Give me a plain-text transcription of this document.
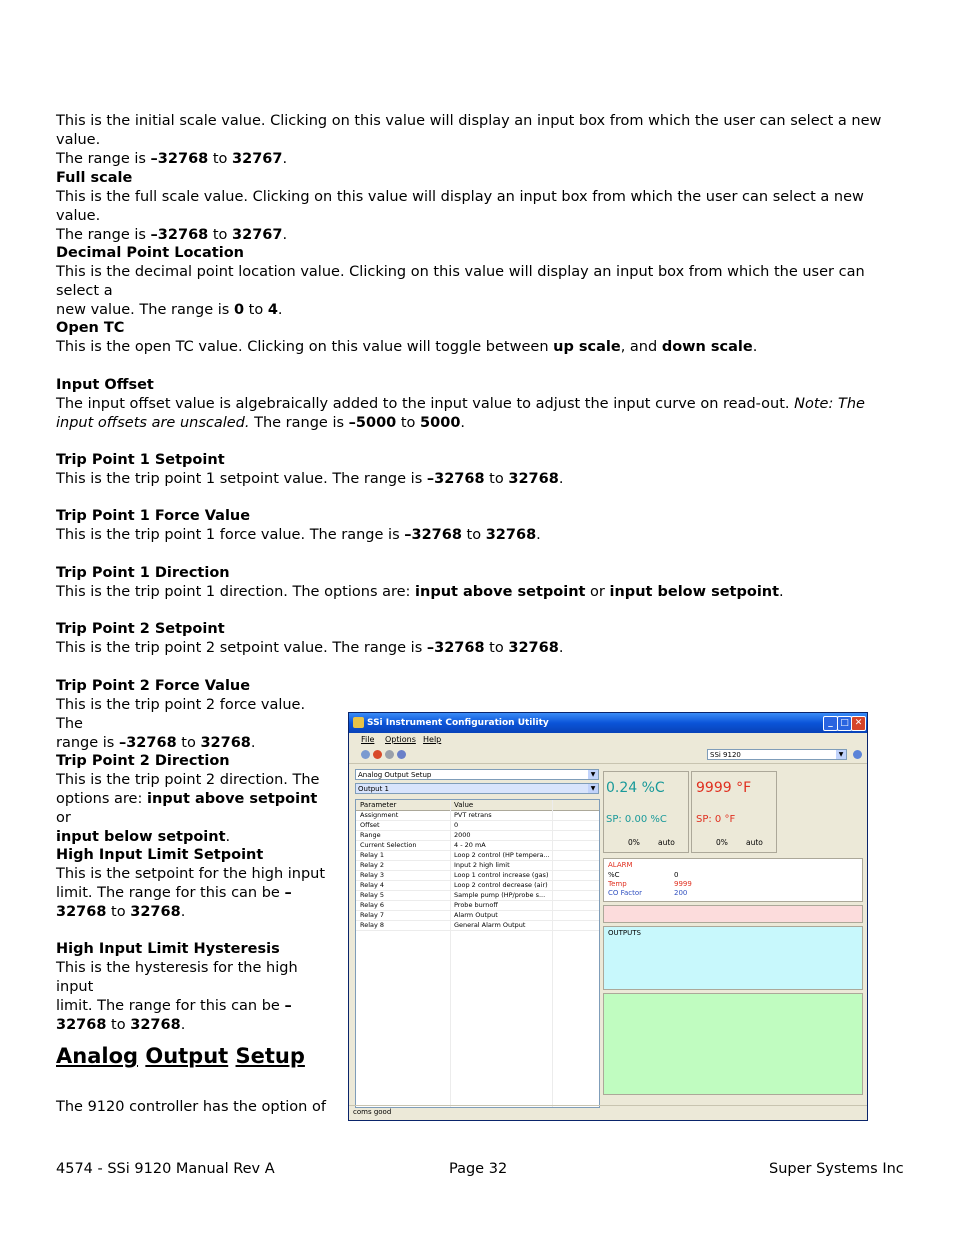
This is the initial scale value. Clicking on this value will display an input box from which the user can select a new value.
The range is –32768 to 32767.

Full scale
This is the full scale value. Clicking on this value will display an input box from which the user can select a new value.
The range is –32768 to 32767.

Decimal Point Location
This is the decimal point location value. Clicking on this value will display an input box from which the user can select a
new value. The range is 0 to 4.

Open TC
This is the open TC value. Clicking on this value will toggle between up scale, and down scale.

Input Offset
The input offset value is algebraically added to the input value to adjust the input curve on read-out. Note: The input offsets are unscaled. The range is –5000 to 5000.

Trip Point 1 Setpoint
This is the trip point 1 setpoint value. The range is –32768 to 32768.

Trip Point 1 Force Value
This is the trip point 1 force value. The range is –32768 to 32768.

Trip Point 1 Direction
This is the trip point 1 direction. The options are: input above setpoint or input below setpoint.

Trip Point 2 Setpoint
This is the trip point 2 setpoint value. The range is –32768 to 32768.

Trip Point 2 Force Value
This is the trip point 2 force value. The
range is –32768 to 32768.

Trip Point 2 Direction
This is the trip point 2 direction. The
options are: input above setpoint or
input below setpoint.

High Input Limit Setpoint
This is the setpoint for the high input
limit. The range for this can be –
32768 to 32768.

High Input Limit Hysteresis
This is the hysteresis for the high input
limit. The range for this can be –
32768 to 32768.

Analog Output Setup

The 9120 controller has the option of

4574 - SSi 9120 Manual Rev A	Page 32	Super Systems Inc
SSi Instrument Configuration Utility	_ □ ✕
File Options Help
SSi 9120	▼
Analog Output Setup	▼
Output 1	▼
Parameter	Value
Assignment	PVT retrans
Offset	0
Range	2000
Current Selection	4 - 20 mA
Relay 1	Loop 2 control (HP tempera...
Relay 2	Input 2 high limit
Relay 3	Loop 1 control increase (gas)
Relay 4	Loop 2 control decrease (air)
Relay 5	Sample pump (HP/probe s...
Relay 6	Probe burnoff
Relay 7	Alarm Output
Relay 8	General Alarm Output
0.24 %C
SP: 0.00 %C
0% auto
9999 °F
SP: 0 °F
0% auto
ALARM
%C	0
Temp	9999
CO Factor	200
OUTPUTS
coms good
